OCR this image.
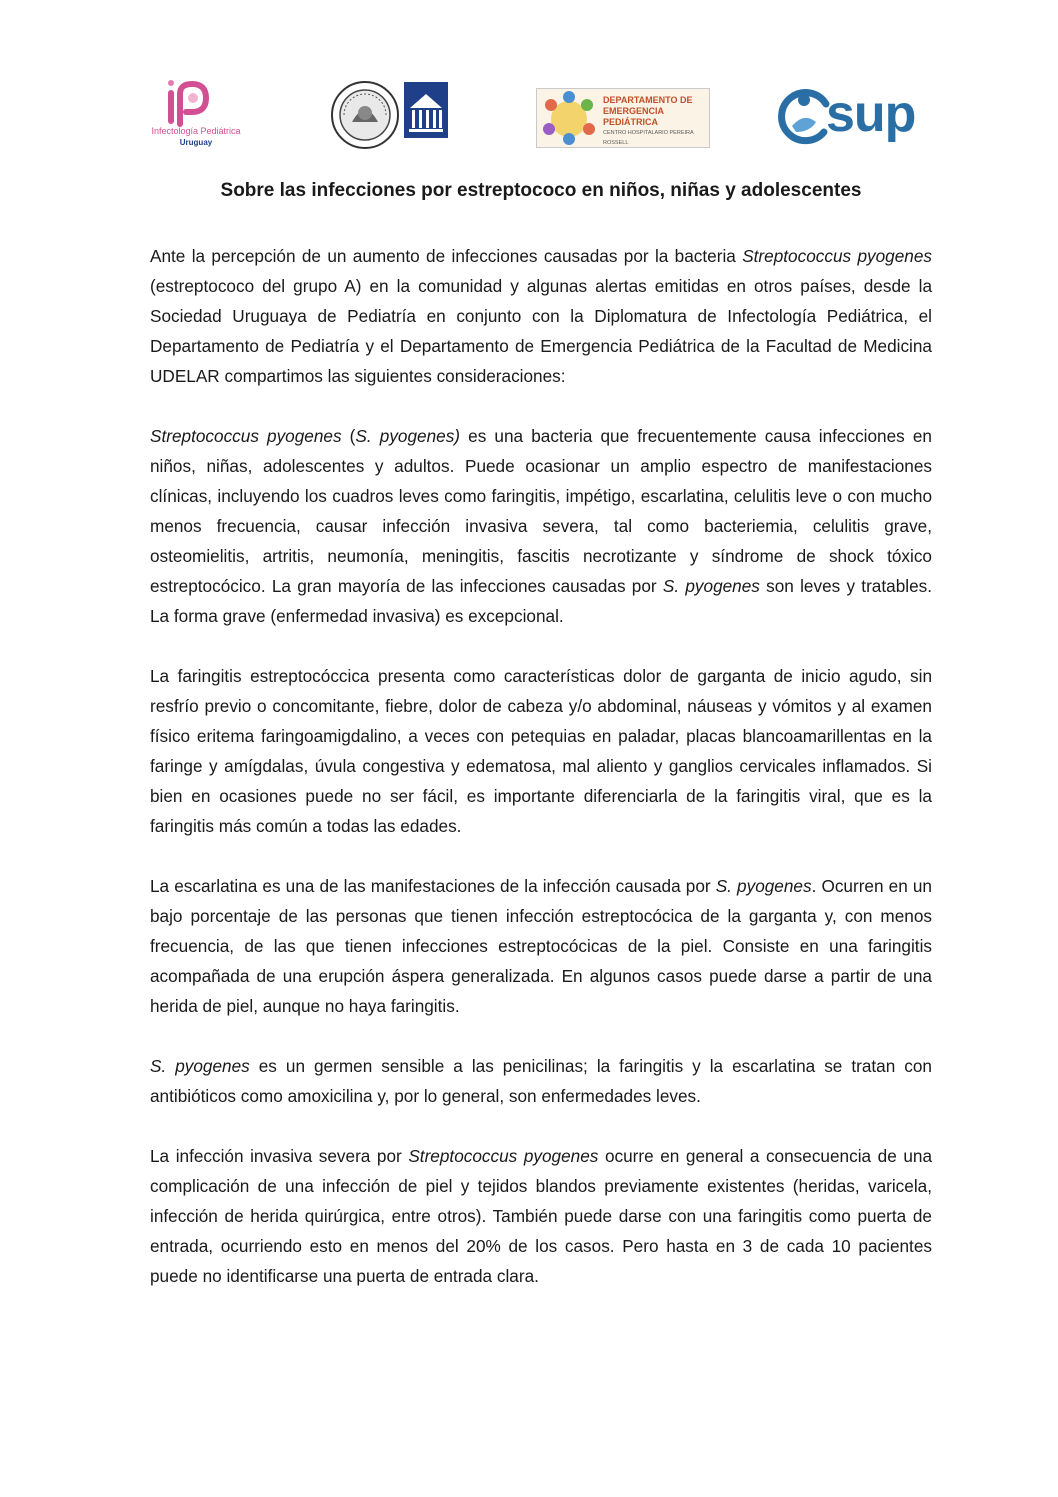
Infectología Pediátrica
Uruguay
DEPARTAMENTO DE
EMERGENCIA PEDIÁTRICA
CENTRO HOSPITALARIO PEREIRA ROSSELL	sup
Sobre las infecciones por estreptococo en niños, niñas y adolescentes

Ante la percepción de un aumento de infecciones causadas por la bacteria Streptococcus pyogenes (estreptococo del grupo A) en la comunidad y algunas alertas emitidas en otros países, desde la Sociedad Uruguaya de Pediatría en conjunto con la Diplomatura de Infectología Pediátrica, el Departamento de Pediatría y el Departamento de Emergencia Pediátrica de la Facultad de Medicina UDELAR compartimos las siguientes consideraciones:

Streptococcus pyogenes (S. pyogenes) es una bacteria que frecuentemente causa infecciones en niños, niñas, adolescentes y adultos. Puede ocasionar un amplio espectro de manifestaciones clínicas, incluyendo los cuadros leves como faringitis, impétigo, escarlatina, celulitis leve o con mucho menos frecuencia, causar infección invasiva severa, tal como bacteriemia, celulitis grave, osteomielitis, artritis, neumonía, meningitis, fascitis necrotizante y síndrome de shock tóxico estreptocócico. La gran mayoría de las infecciones causadas por S. pyogenes son leves y tratables. La forma grave (enfermedad invasiva) es excepcional.

La faringitis estreptocóccica presenta como características dolor de garganta de inicio agudo, sin resfrío previo o concomitante, fiebre, dolor de cabeza y/o abdominal, náuseas y vómitos y al examen físico eritema faringoamigdalino, a veces con petequias en paladar, placas blancoamarillentas en la faringe y amígdalas, úvula congestiva y edematosa, mal aliento y ganglios cervicales inflamados. Si bien en ocasiones puede no ser fácil, es importante diferenciarla de la faringitis viral, que es la faringitis más común a todas las edades.

La escarlatina es una de las manifestaciones de la infección causada por S. pyogenes. Ocurren en un bajo porcentaje de las personas que tienen infección estreptocócica de la garganta y, con menos frecuencia, de las que tienen infecciones estreptocócicas de la piel. Consiste en una faringitis acompañada de una erupción áspera generalizada. En algunos casos puede darse a partir de una herida de piel, aunque no haya faringitis.

S. pyogenes es un germen sensible a las penicilinas; la faringitis y la escarlatina se tratan con antibióticos como amoxicilina y, por lo general, son enfermedades leves.

La infección invasiva severa por Streptococcus pyogenes ocurre en general a consecuencia de una complicación de una infección de piel y tejidos blandos previamente existentes (heridas, varicela, infección de herida quirúrgica, entre otros). También puede darse con una faringitis como puerta de entrada, ocurriendo esto en menos del 20% de los casos. Pero hasta en 3 de cada 10 pacientes puede no identificarse una puerta de entrada clara.
